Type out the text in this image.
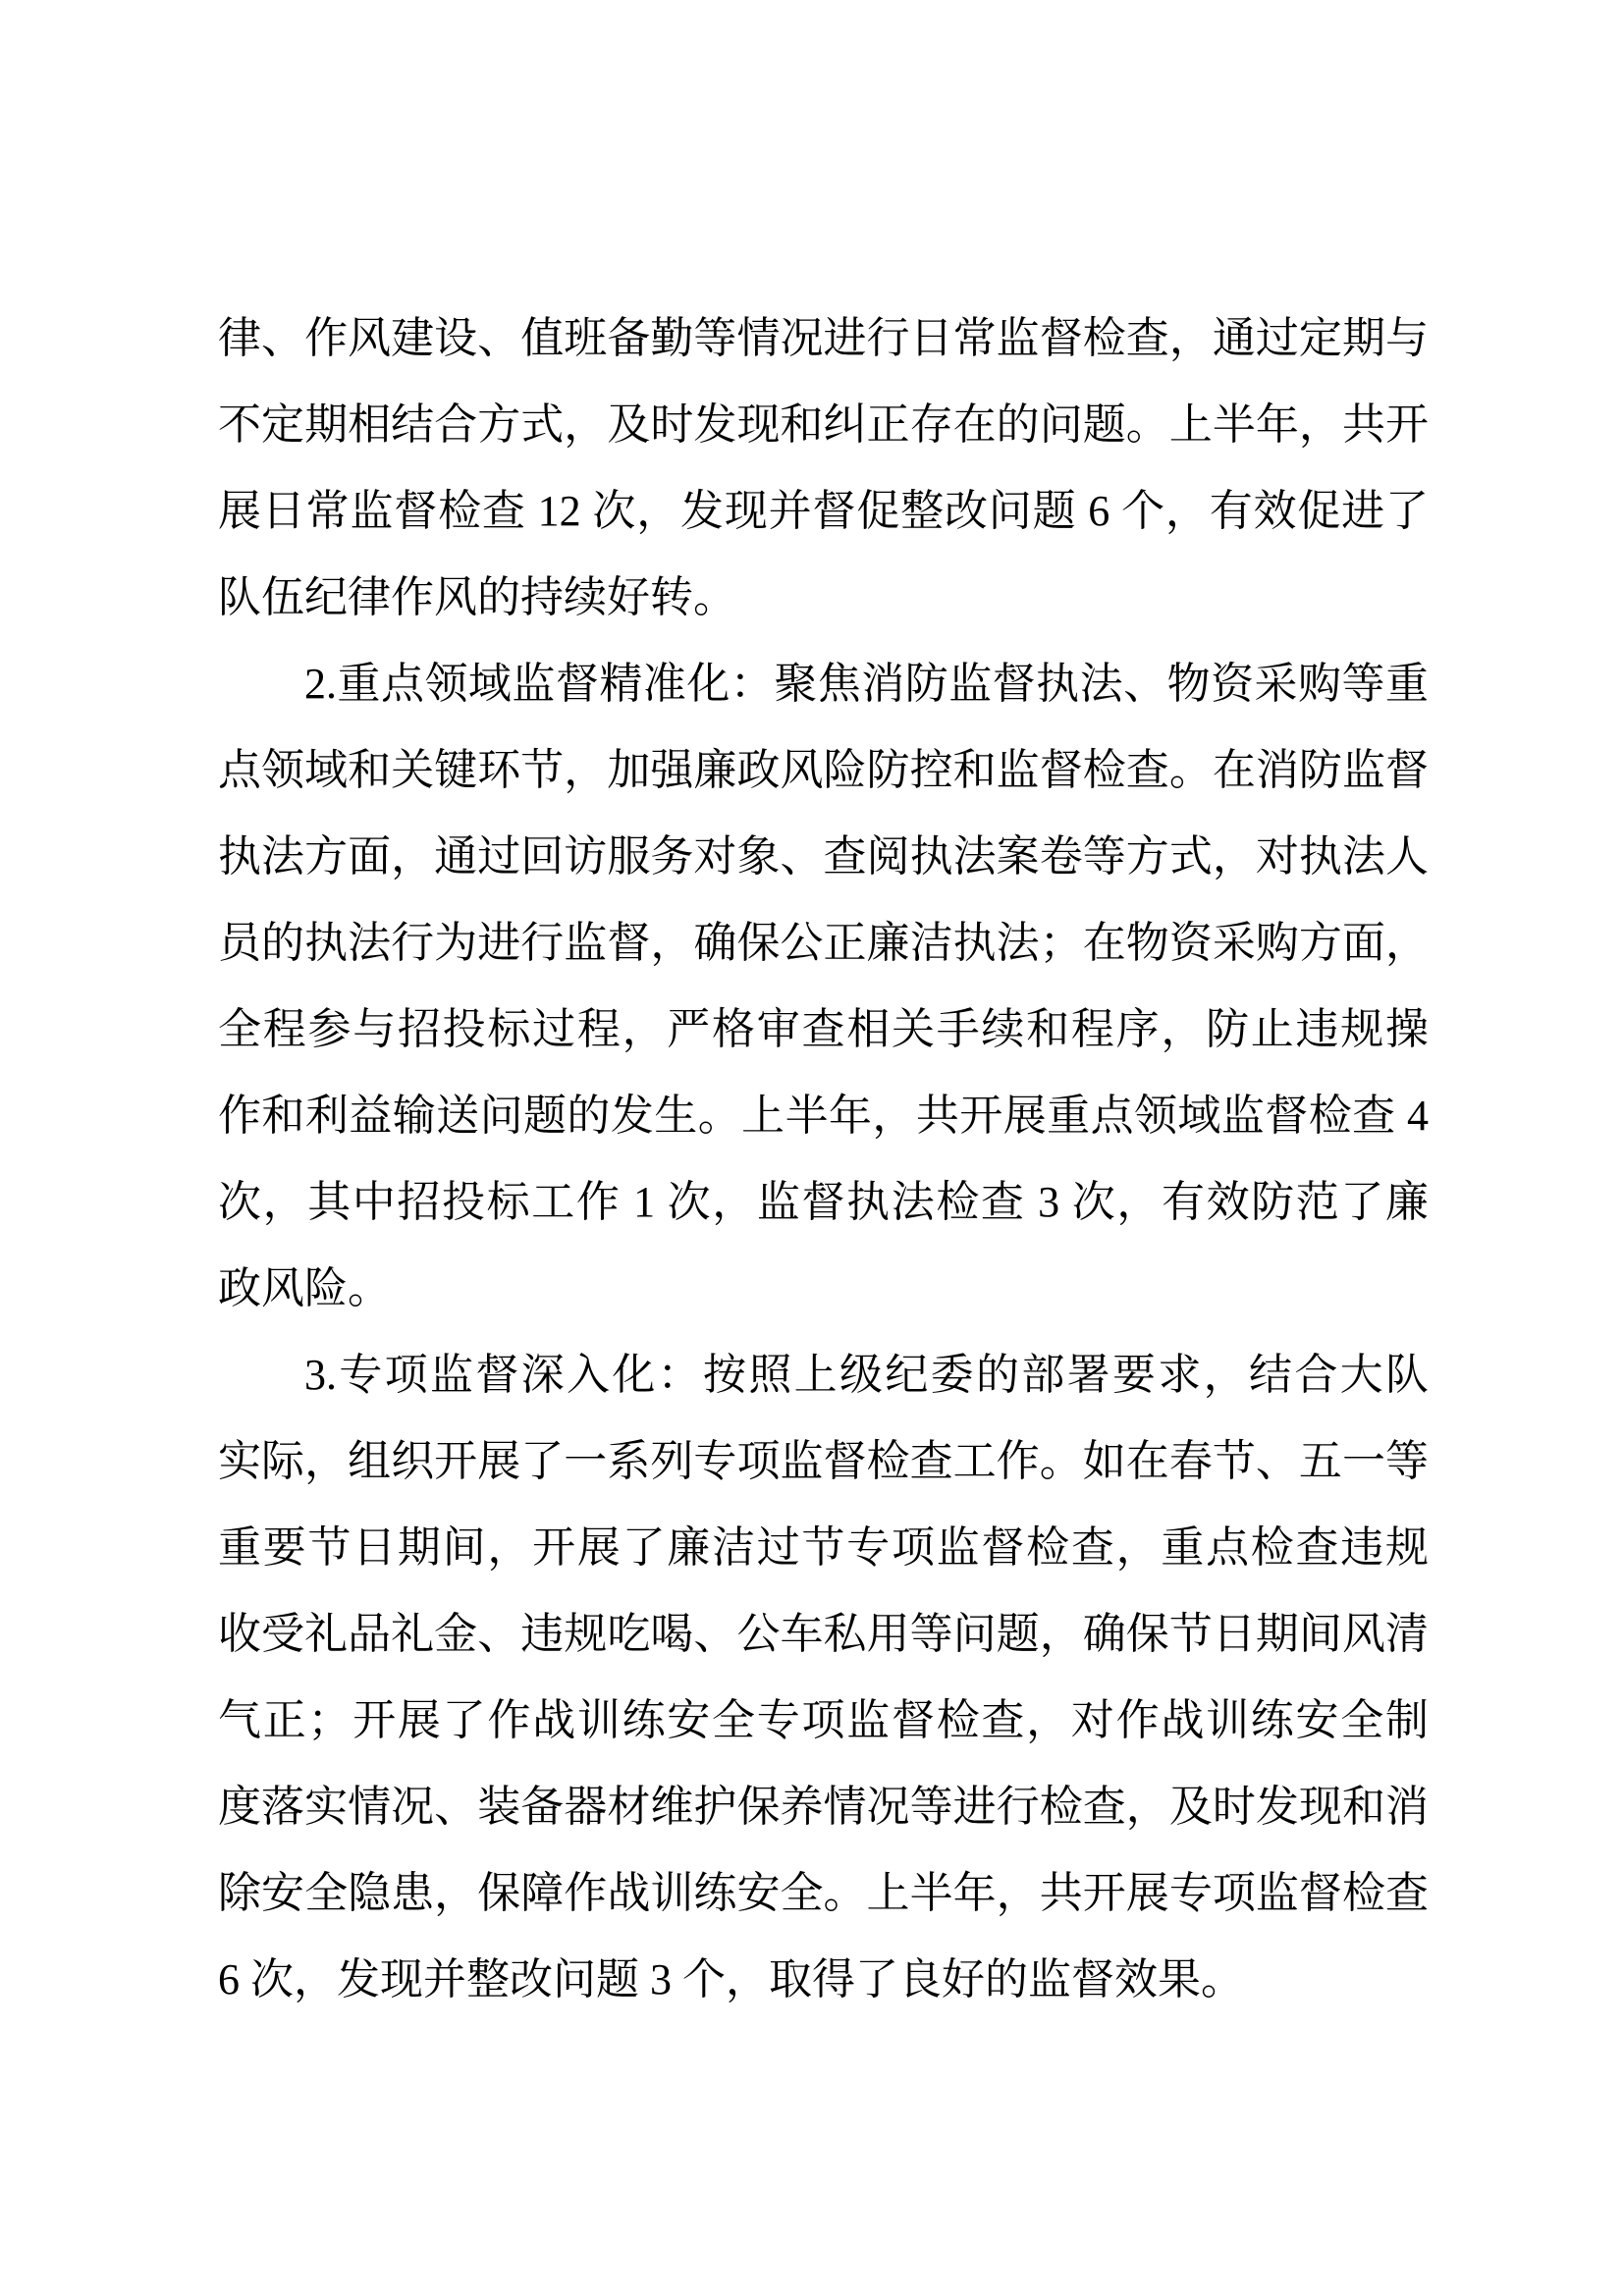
律、作风建设、值班备勤等情况进行日常监督检查，通过定期与
不定期相结合方式，及时发现和纠正存在的问题。上半年，共开
展日常监督检查 12 次，发现并督促整改问题 6 个，有效促进了
队伍纪律作风的持续好转。
2.重点领域监督精准化：聚焦消防监督执法、物资采购等重
点领域和关键环节，加强廉政风险防控和监督检查。在消防监督
执法方面，通过回访服务对象、查阅执法案卷等方式，对执法人
员的执法行为进行监督，确保公正廉洁执法；在物资采购方面，
全程参与招投标过程，严格审查相关手续和程序，防止违规操
作和利益输送问题的发生。上半年，共开展重点领域监督检查 4
次，其中招投标工作 1 次，监督执法检查 3 次，有效防范了廉
政风险。
3.专项监督深入化：按照上级纪委的部署要求，结合大队
实际，组织开展了一系列专项监督检查工作。如在春节、五一等
重要节日期间，开展了廉洁过节专项监督检查，重点检查违规
收受礼品礼金、违规吃喝、公车私用等问题，确保节日期间风清
气正；开展了作战训练安全专项监督检查，对作战训练安全制
度落实情况、装备器材维护保养情况等进行检查，及时发现和消
除安全隐患，保障作战训练安全。上半年，共开展专项监督检查
6 次，发现并整改问题 3 个，取得了良好的监督效果。
